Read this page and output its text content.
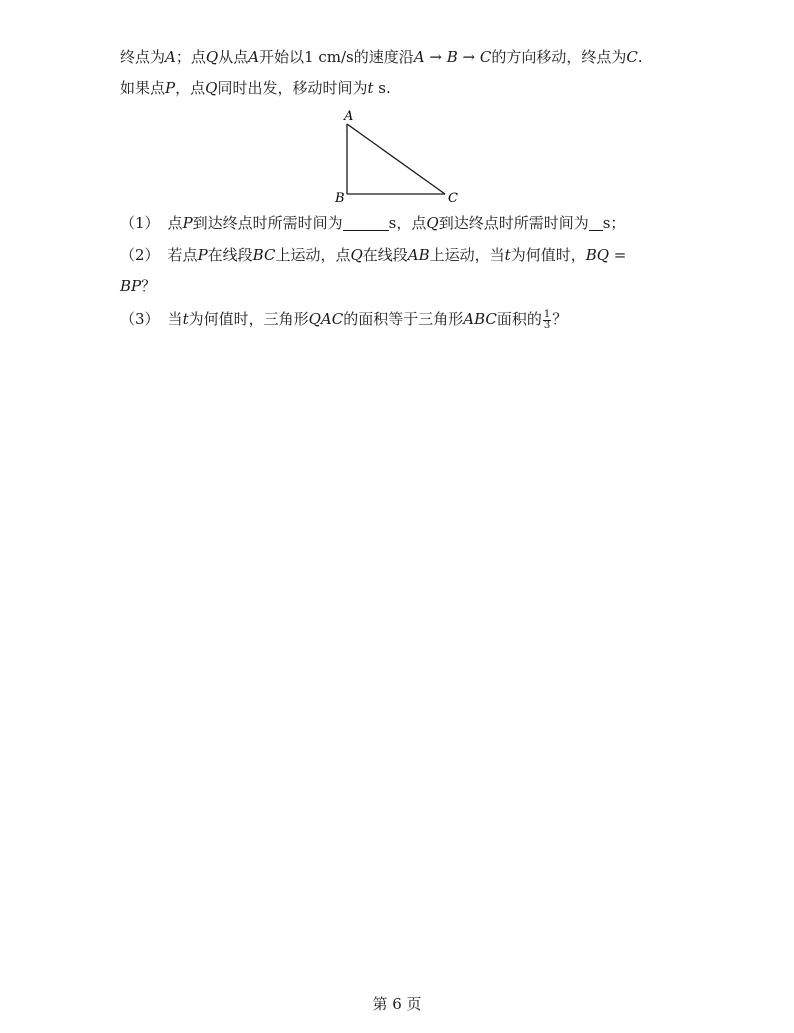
终点为A；点Q从点A开始以1 cm/s的速度沿A → B → C的方向移动，终点为C.
如果点P，点Q同时出发，移动时间为t s.
A
B	C
（1） 点P到达终点时所需时间为	s，点Q到达终点时所需时间为 s；
（2） 若点P在线段BC上运动，点Q在线段AB上运动，当t为何值时，BQ =
BP？
（3） 当t为何值时，三角形QAC的面积等于三角形ABC面积的 $\frac{1}{3}$ ？
第 6 页
